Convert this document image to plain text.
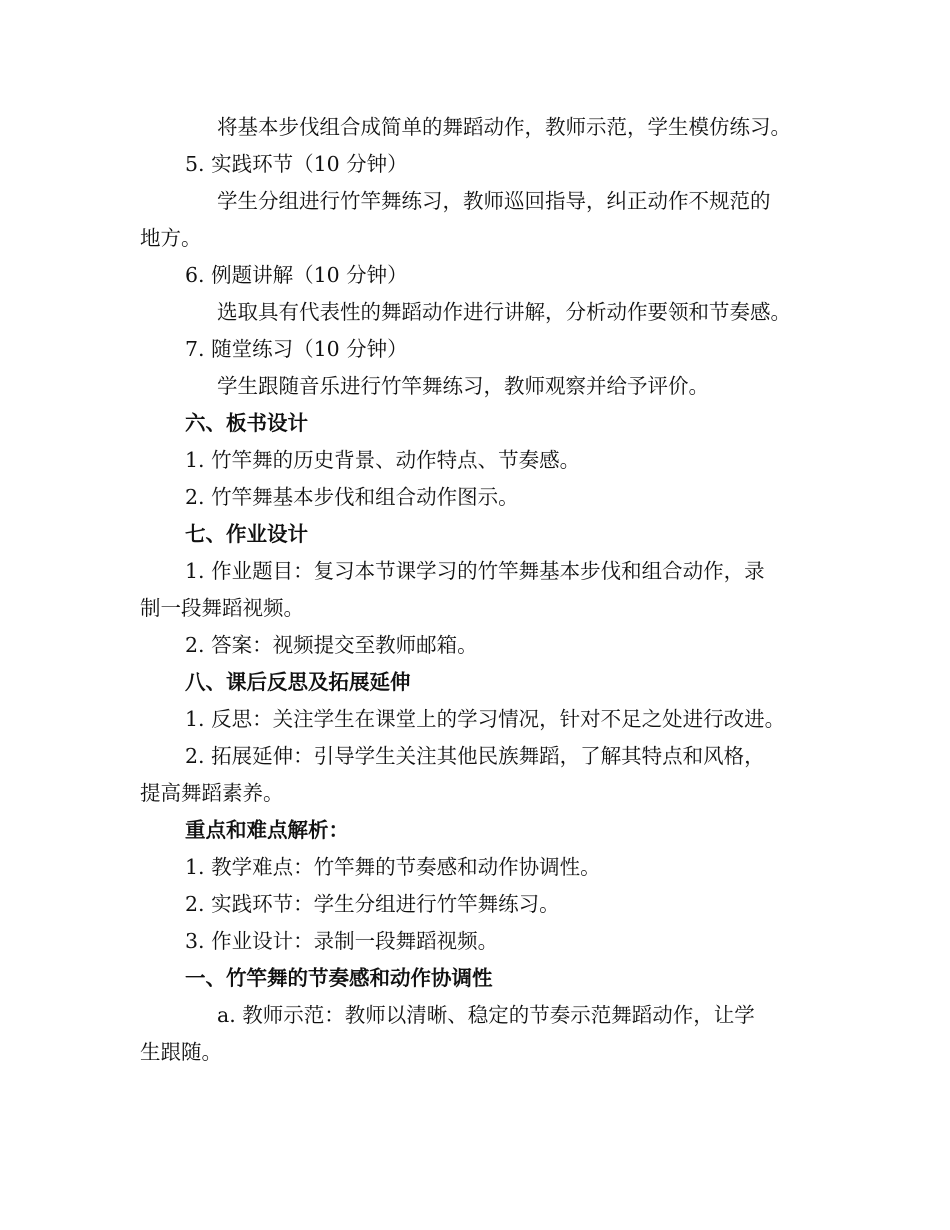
将基本步伐组合成简单的舞蹈动作，教师示范，学生模仿练习。

5. 实践环节（10 分钟）

学生分组进行竹竿舞练习，教师巡回指导，纠正动作不规范的

地方。

6. 例题讲解（10 分钟）

选取具有代表性的舞蹈动作进行讲解，分析动作要领和节奏感。

7. 随堂练习（10 分钟）

学生跟随音乐进行竹竿舞练习，教师观察并给予评价。

六、板书设计

1. 竹竿舞的历史背景、动作特点、节奏感。

2. 竹竿舞基本步伐和组合动作图示。

七、作业设计

1. 作业题目：复习本节课学习的竹竿舞基本步伐和组合动作，录

制一段舞蹈视频。

2. 答案：视频提交至教师邮箱。

八、课后反思及拓展延伸

1. 反思：关注学生在课堂上的学习情况，针对不足之处进行改进。

2. 拓展延伸：引导学生关注其他民族舞蹈，了解其特点和风格，

提高舞蹈素养。

重点和难点解析：

1. 教学难点：竹竿舞的节奏感和动作协调性。

2. 实践环节：学生分组进行竹竿舞练习。

3. 作业设计：录制一段舞蹈视频。

一、竹竿舞的节奏感和动作协调性

a. 教师示范：教师以清晰、稳定的节奏示范舞蹈动作，让学

生跟随。
